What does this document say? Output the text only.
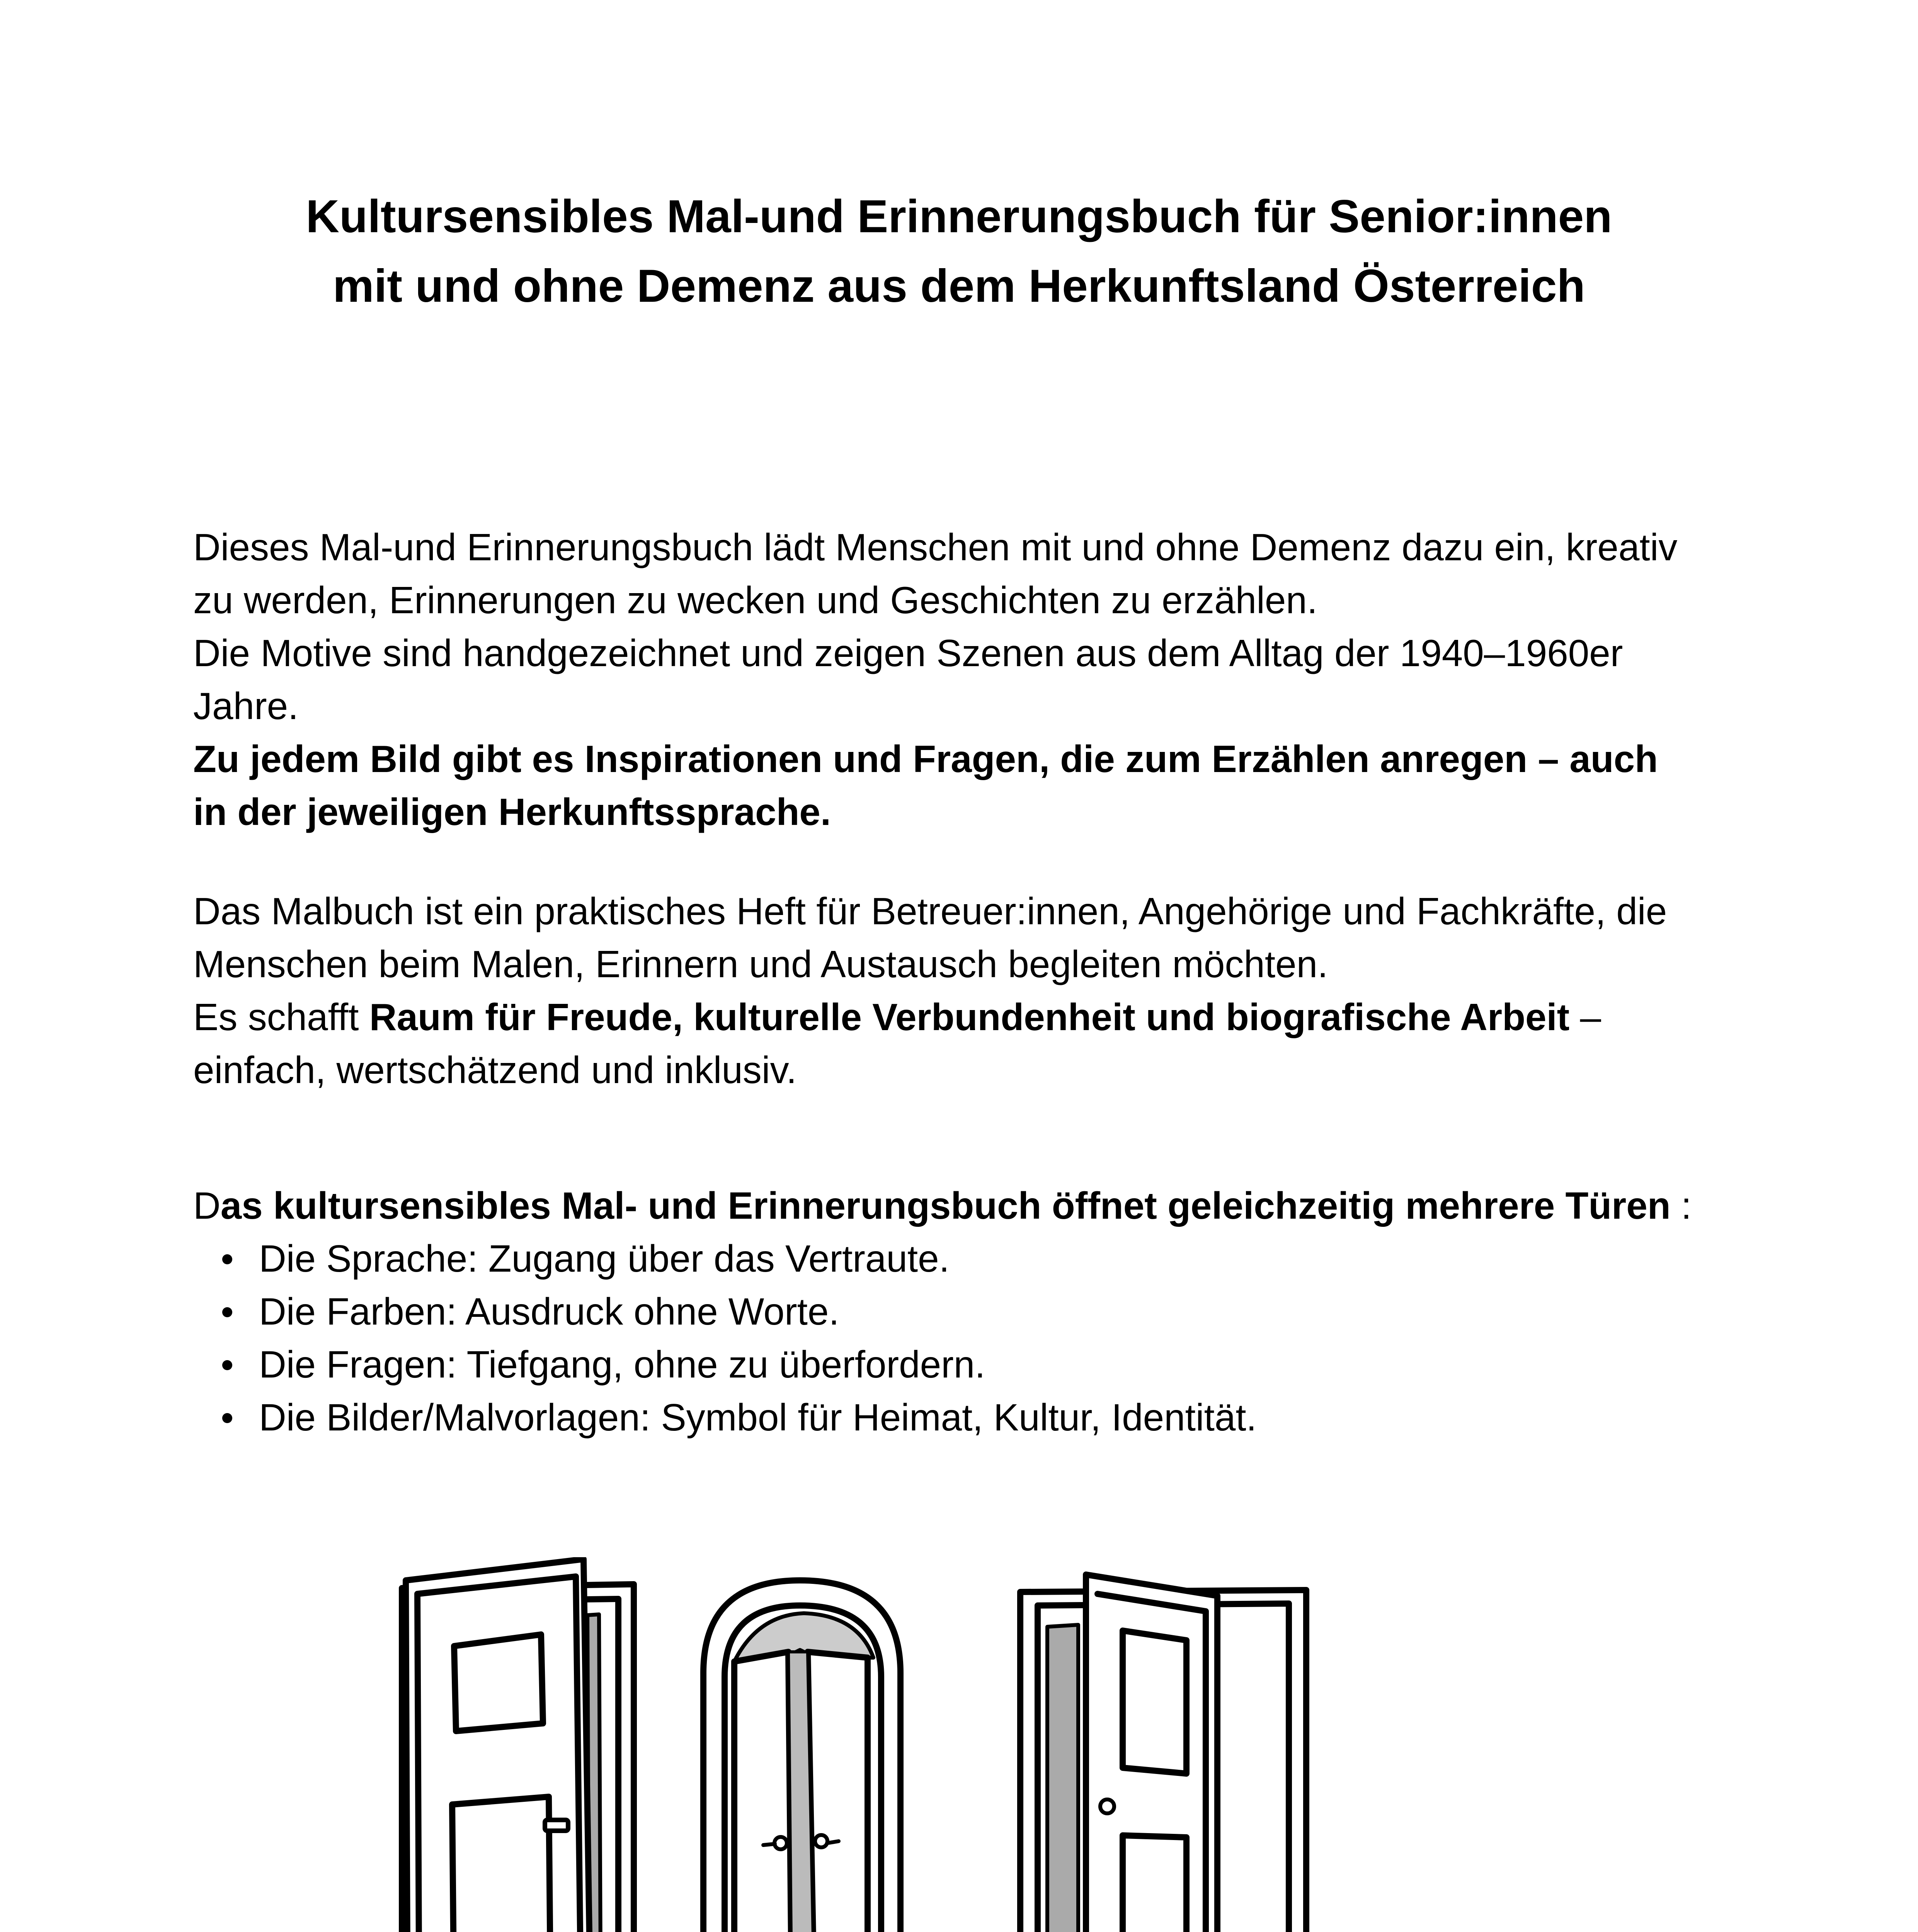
Kultursensibles Mal-und Erinnerungsbuch für Senior:innen
mit und ohne Demenz aus dem Herkunftsland Österreich
Dieses Mal-und Erinnerungsbuch lädt Menschen mit und ohne Demenz dazu ein, kreativ
zu werden, Erinnerungen zu wecken und Geschichten zu erzählen.
Die Motive sind handgezeichnet und zeigen Szenen aus dem Alltag der 1940–1960er
Jahre.
Zu jedem Bild gibt es Inspirationen und Fragen, die zum Erzählen anregen – auch
in der jeweiligen Herkunftssprache.
Das Malbuch ist ein praktisches Heft für Betreuer:innen, Angehörige und Fachkräfte, die
Menschen beim Malen, Erinnern und Austausch begleiten möchten.
Es schafft Raum für Freude, kulturelle Verbundenheit und biografische Arbeit –
einfach, wertschätzend und inklusiv.
Das kultursensibles Mal- und Erinnerungsbuch öffnet geleichzeitig mehrere Türen :
Die Sprache: Zugang über das Vertraute.
Die Farben: Ausdruck ohne Worte.
Die Fragen: Tiefgang, ohne zu überfordern.
Die Bilder/Malvorlagen: Symbol für Heimat, Kultur, Identität.
